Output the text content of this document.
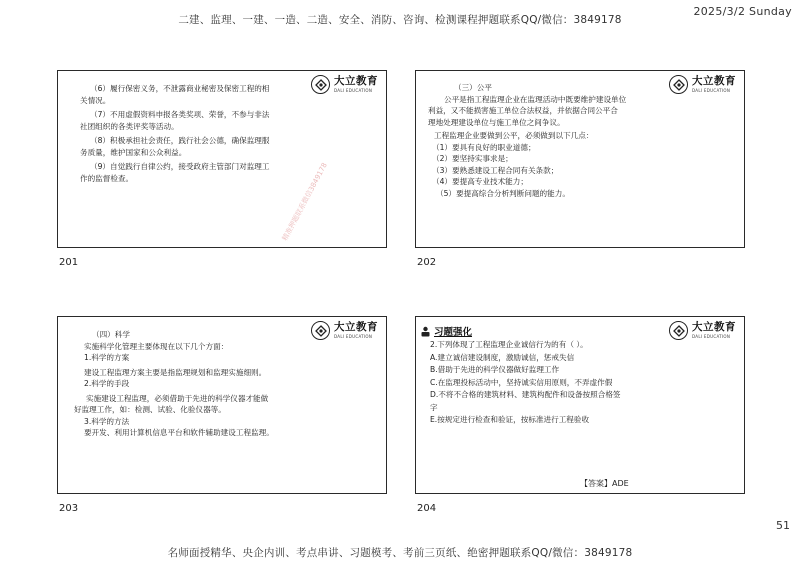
二建、监理、一建、一造、二造、安全、消防、咨询、检测课程押题联系QQ/微信：3849178
2025/3/2 Sunday
大立教育
DALI EDUCATION

（6）履行保密义务，不泄露商业秘密及保密工程的相

关情况。

（7）不用虚假资料申报各类奖项、荣誉，不参与非法

社团组织的各类评奖等活动。

（8）积极承担社会责任，践行社会公德，确保监理服

务质量，维护国家和公众利益。

（9）自觉践行自律公约，接受政府主管部门对监理工

作的监督检查。	精准押题联系微信3849178
201
大立教育
DALI EDUCATION

（三）公平

公平是指工程监理企业在监理活动中既要维护建设单位

利益，又不能损害施工单位合法权益，并依据合同公平合

理地处理建设单位与施工单位之间争议。

工程监理企业要做到公平，必须做到以下几点：

（1）要具有良好的职业道德；

（2）要坚持实事求是；

（3）要熟悉建设工程合同有关条款；

（4）要提高专业技术能力；

（5）要提高综合分析判断问题的能力。

202
大立教育
DALI EDUCATION

（四）科学

实施科学化管理主要体现在以下几个方面：

1.科学的方案

建设工程监理方案主要是指监理规划和监理实施细则。

2.科学的手段

实施建设工程监理，必须借助于先进的科学仪器才能做

好监理工作，如：检测、试验、化验仪器等。

3.科学的方法

要开发、利用计算机信息平台和软件辅助建设工程监理。

203
习题强化	大立教育
DALI EDUCATION

2.下列体现了工程监理企业诚信行为的有（ ）。

A.建立诚信建设制度，激励诚信，惩戒失信

B.借助于先进的科学仪器做好监理工作

C.在监理投标活动中，坚持诚实信用原则，不弄虚作假

D.不将不合格的建筑材料、建筑构配件和设备按照合格签

字

E.按规定进行检查和验证，按标准进行工程验收

【答案】ADE
204
51
名师面授精华、央企内训、考点串讲、习题模考、考前三页纸、绝密押题联系QQ/微信：3849178
